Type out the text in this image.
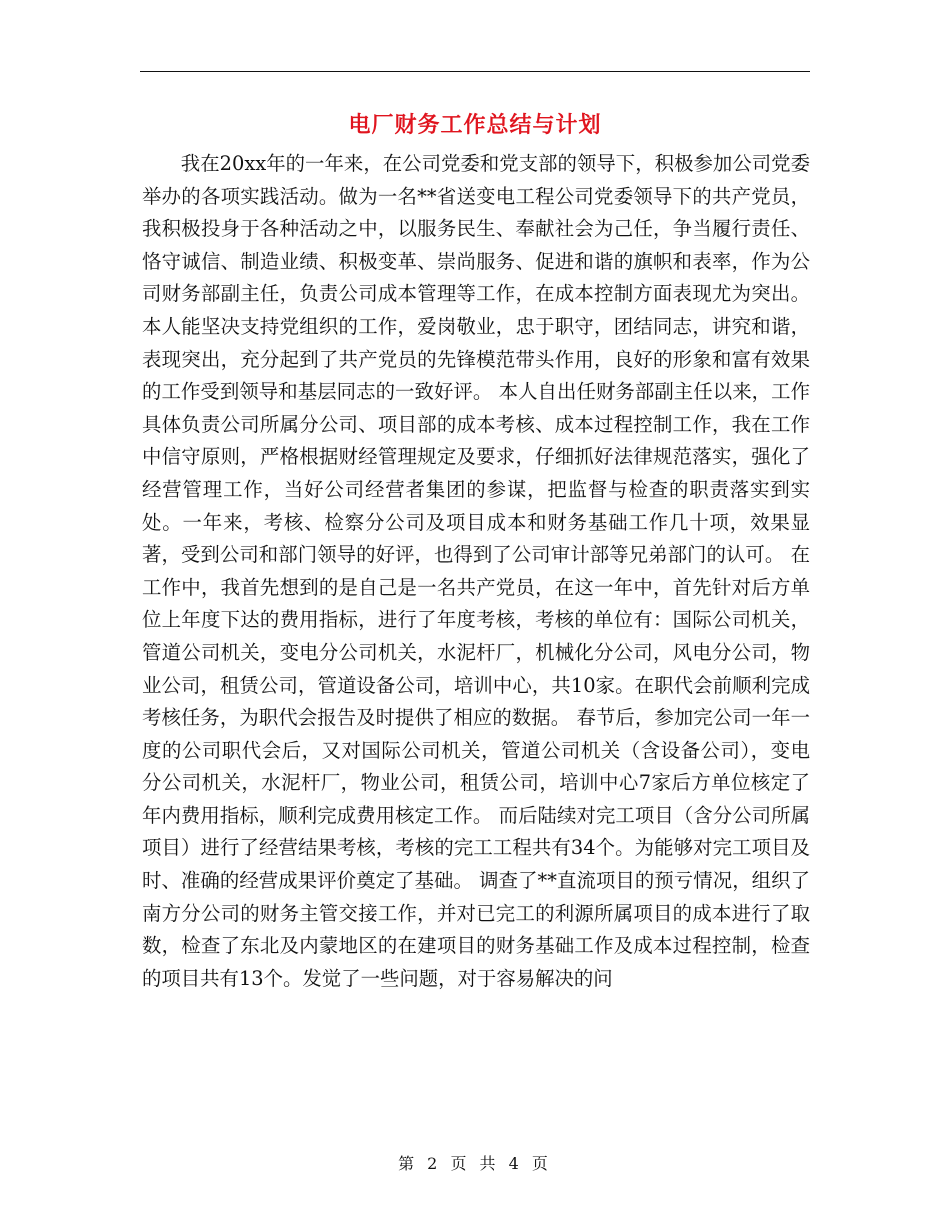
电厂财务工作总结与计划

我在20xx年的一年来，在公司党委和党支部的领导下，积极参加公司党委举办的各项实践活动。做为一名**省送变电工程公司党委领导下的共产党员，我积极投身于各种活动之中，以服务民生、奉献社会为己任，争当履行责任、恪守诚信、制造业绩、积极变革、崇尚服务、促进和谐的旗帜和表率，作为公司财务部副主任，负责公司成本管理等工作，在成本控制方面表现尤为突出。本人能坚决支持党组织的工作，爱岗敬业，忠于职守，团结同志，讲究和谐，表现突出，充分起到了共产党员的先锋模范带头作用，良好的形象和富有效果的工作受到领导和基层同志的一致好评。 本人自出任财务部副主任以来，工作具体负责公司所属分公司、项目部的成本考核、成本过程控制工作，我在工作中信守原则，严格根据财经管理规定及要求，仔细抓好法律规范落实，强化了经营管理工作，当好公司经营者集团的参谋，把监督与检查的职责落实到实处。一年来，考核、检察分公司及项目成本和财务基础工作几十项，效果显著，受到公司和部门领导的好评，也得到了公司审计部等兄弟部门的认可。 在工作中，我首先想到的是自己是一名共产党员，在这一年中，首先针对后方单位上年度下达的费用指标，进行了年度考核，考核的单位有：国际公司机关，管道公司机关，变电分公司机关，水泥杆厂，机械化分公司，风电分公司，物业公司，租赁公司，管道设备公司，培训中心，共10家。在职代会前顺利完成考核任务，为职代会报告及时提供了相应的数据。 春节后，参加完公司一年一度的公司职代会后，又对国际公司机关，管道公司机关（含设备公司），变电分公司机关，水泥杆厂，物业公司，租赁公司，培训中心7家后方单位核定了年内费用指标，顺利完成费用核定工作。 而后陆续对完工项目（含分公司所属项目）进行了经营结果考核，考核的完工工程共有34个。为能够对完工项目及时、准确的经营成果评价奠定了基础。 调查了**直流项目的预亏情况，组织了南方分公司的财务主管交接工作，并对已完工的利源所属项目的成本进行了取数，检查了东北及内蒙地区的在建项目的财务基础工作及成本过程控制，检查的项目共有13个。发觉了一些问题，对于容易解决的问

第 2 页 共 4 页
